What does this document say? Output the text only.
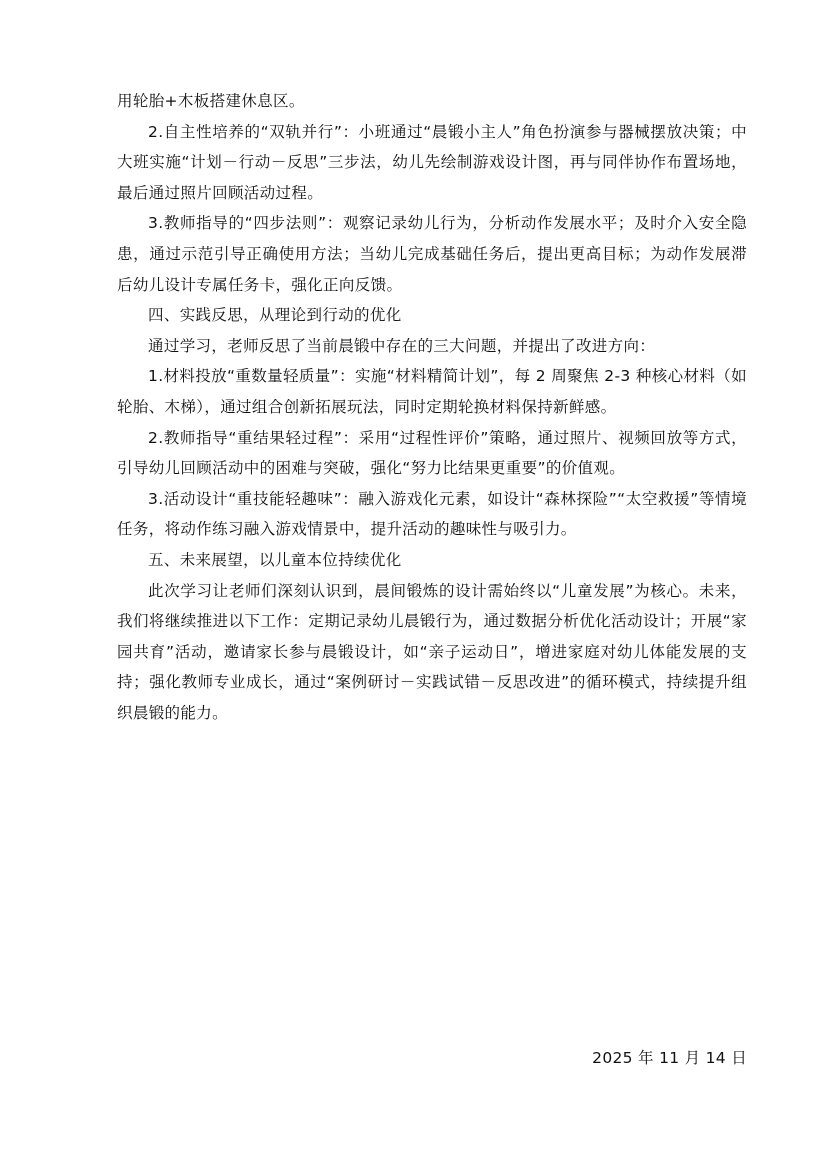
用轮胎+木板搭建休息区。

2.自主性培养的“双轨并行”：小班通过“晨锻小主人”角色扮演参与器械摆放决策；中大班实施“计划－行动－反思”三步法，幼儿先绘制游戏设计图，再与同伴协作布置场地，最后通过照片回顾活动过程。

3.教师指导的“四步法则”：观察记录幼儿行为，分析动作发展水平；及时介入安全隐患，通过示范引导正确使用方法；当幼儿完成基础任务后，提出更高目标；为动作发展滞后幼儿设计专属任务卡，强化正向反馈。

四、实践反思，从理论到行动的优化

通过学习，老师反思了当前晨锻中存在的三大问题，并提出了改进方向：

1.材料投放“重数量轻质量”：实施“材料精简计划”，每 2 周聚焦 2-3 种核心材料（如轮胎、木梯），通过组合创新拓展玩法，同时定期轮换材料保持新鲜感。

2.教师指导“重结果轻过程”：采用“过程性评价”策略，通过照片、视频回放等方式，引导幼儿回顾活动中的困难与突破，强化“努力比结果更重要”的价值观。

3.活动设计“重技能轻趣味”：融入游戏化元素，如设计“森林探险”“太空救援”等情境任务，将动作练习融入游戏情景中，提升活动的趣味性与吸引力。

五、未来展望，以儿童本位持续优化

此次学习让老师们深刻认识到，晨间锻炼的设计需始终以“儿童发展”为核心。未来，我们将继续推进以下工作：定期记录幼儿晨锻行为，通过数据分析优化活动设计；开展“家园共育”活动，邀请家长参与晨锻设计，如“亲子运动日”，增进家庭对幼儿体能发展的支持；强化教师专业成长，通过“案例研讨－实践试错－反思改进”的循环模式，持续提升组织晨锻的能力。

2025 年 11 月 14 日
